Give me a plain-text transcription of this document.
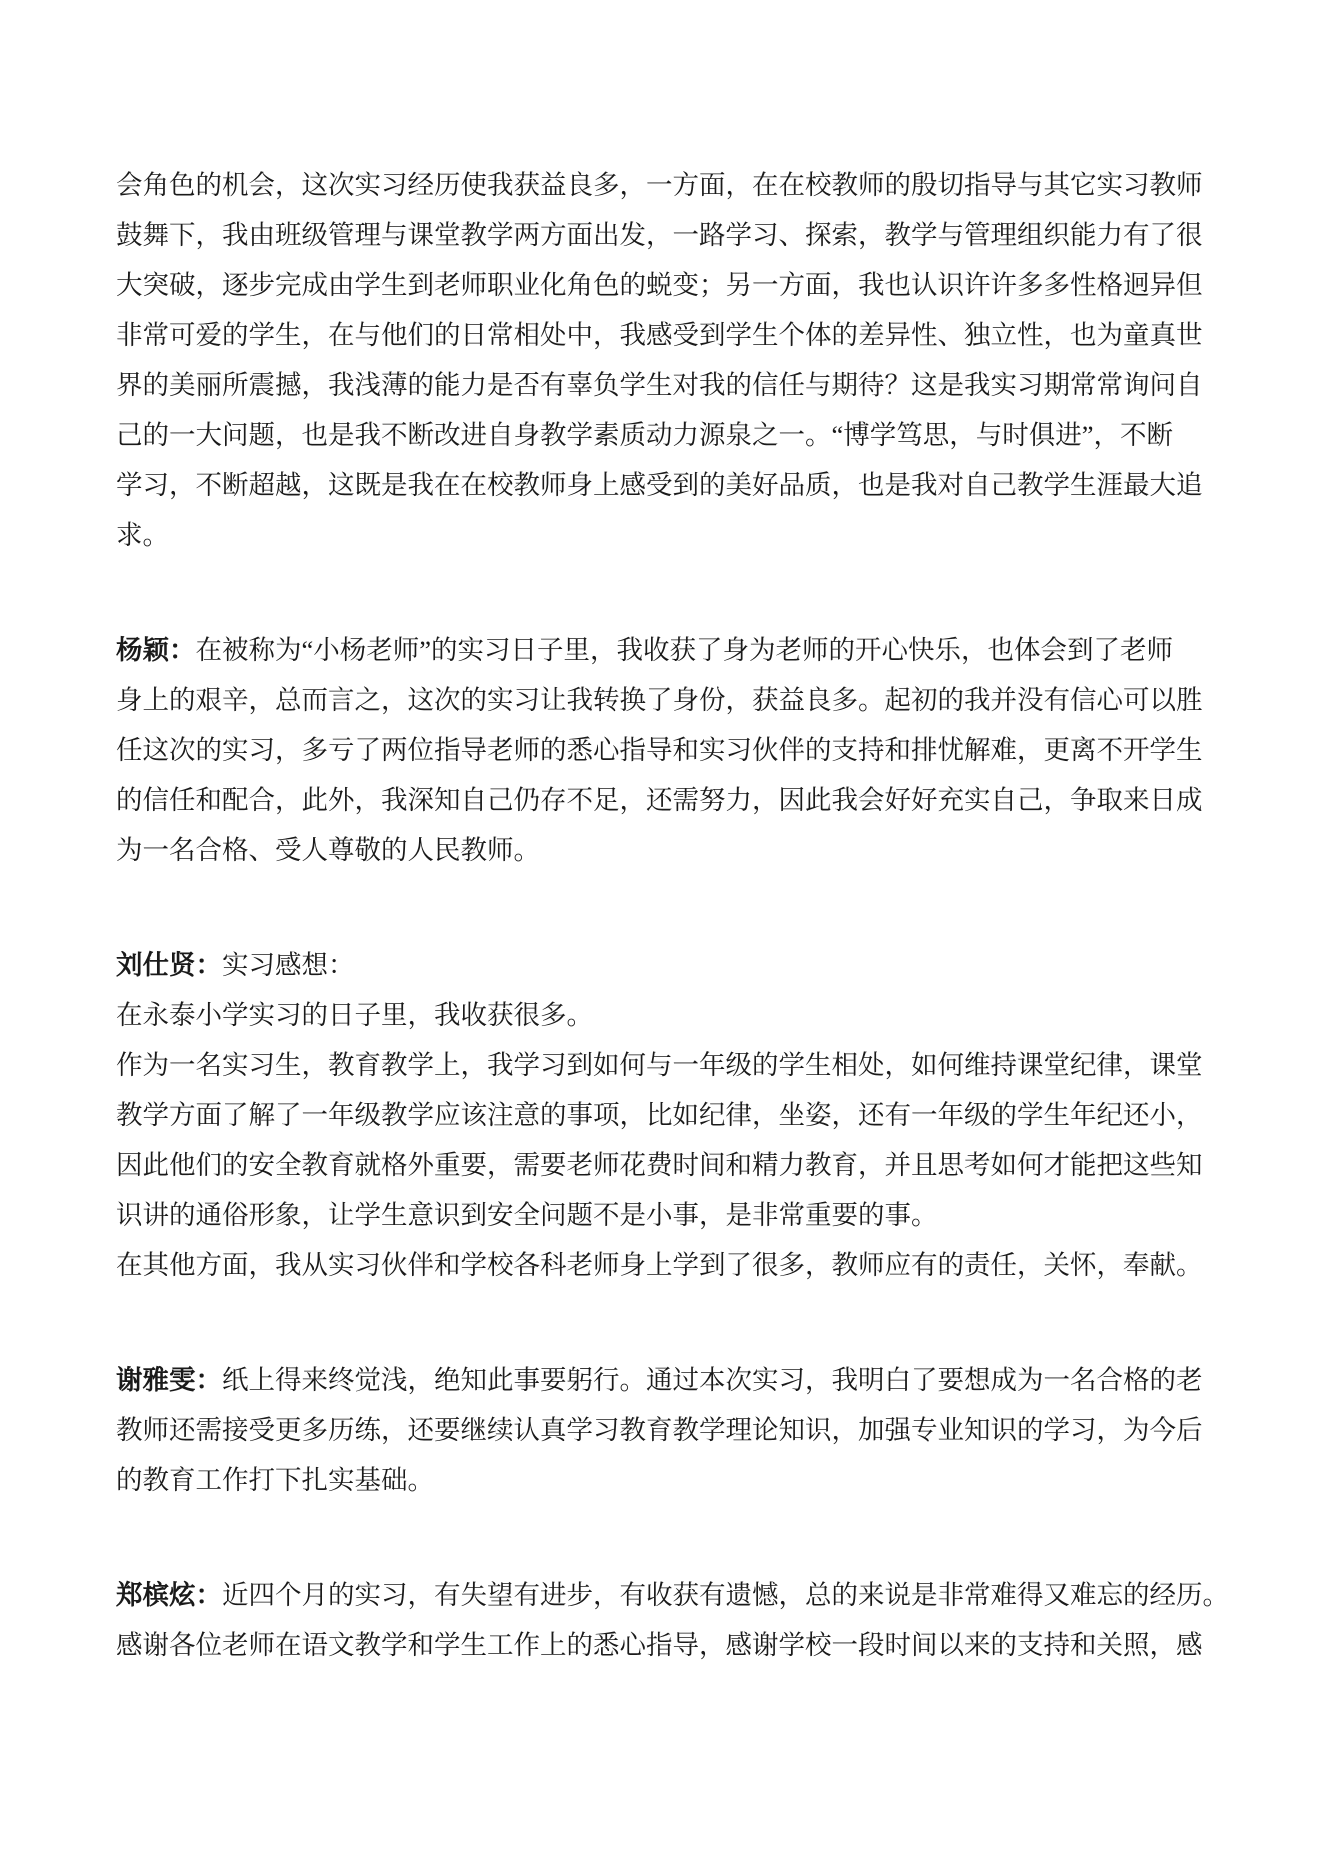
会角色的机会，这次实习经历使我获益良多，一方面，在在校教师的殷切指导与其它实习教师
鼓舞下，我由班级管理与课堂教学两方面出发，一路学习、探索，教学与管理组织能力有了很
大突破，逐步完成由学生到老师职业化角色的蜕变；另一方面，我也认识许许多多性格迥异但
非常可爱的学生，在与他们的日常相处中，我感受到学生个体的差异性、独立性，也为童真世
界的美丽所震撼，我浅薄的能力是否有辜负学生对我的信任与期待？这是我实习期常常询问自
己的一大问题，也是我不断改进自身教学素质动力源泉之一。“博学笃思，与时俱进”，不断
学习，不断超越，这既是我在在校教师身上感受到的美好品质，也是我对自己教学生涯最大追
求。
杨颖：在被称为“小杨老师”的实习日子里，我收获了身为老师的开心快乐，也体会到了老师
身上的艰辛，总而言之，这次的实习让我转换了身份，获益良多。起初的我并没有信心可以胜
任这次的实习，多亏了两位指导老师的悉心指导和实习伙伴的支持和排忧解难，更离不开学生
的信任和配合，此外，我深知自己仍存不足，还需努力，因此我会好好充实自己，争取来日成
为一名合格、受人尊敬的人民教师。
刘仕贤：实习感想：
在永泰小学实习的日子里，我收获很多。
作为一名实习生，教育教学上，我学习到如何与一年级的学生相处，如何维持课堂纪律，课堂
教学方面了解了一年级教学应该注意的事项，比如纪律，坐姿，还有一年级的学生年纪还小，
因此他们的安全教育就格外重要，需要老师花费时间和精力教育，并且思考如何才能把这些知
识讲的通俗形象，让学生意识到安全问题不是小事，是非常重要的事。
在其他方面，我从实习伙伴和学校各科老师身上学到了很多，教师应有的责任，关怀，奉献。
谢雅雯：纸上得来终觉浅，绝知此事要躬行。通过本次实习，我明白了要想成为一名合格的老
教师还需接受更多历练，还要继续认真学习教育教学理论知识，加强专业知识的学习，为今后
的教育工作打下扎实基础。
郑槟炫：近四个月的实习，有失望有进步，有收获有遗憾，总的来说是非常难得又难忘的经历。
感谢各位老师在语文教学和学生工作上的悉心指导，感谢学校一段时间以来的支持和关照，感
